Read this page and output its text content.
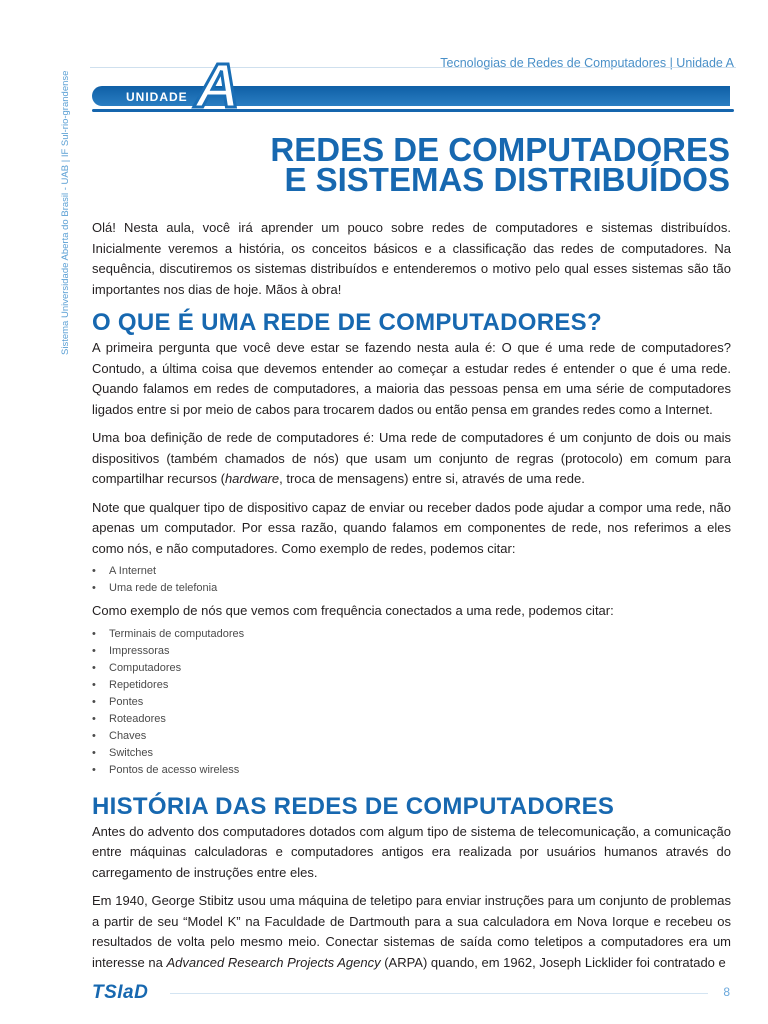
Tecnologias de Redes de Computadores | Unidade A
Sistema Universidade Aberta do Brasil - UAB | IF Sul-rio-grandense	UNIDADE A
REDES DE COMPUTADORES
E SISTEMAS DISTRIBUÍDOS

Olá! Nesta aula, você irá aprender um pouco sobre redes de computadores e sistemas distribuídos. Inicialmente veremos a história, os conceitos básicos e a classificação das redes de computadores. Na sequência, discutiremos os sistemas distribuídos e entenderemos o motivo pelo qual esses sistemas são tão importantes nos dias de hoje. Mãos à obra!

O QUE É UMA REDE DE COMPUTADORES?

A primeira pergunta que você deve estar se fazendo nesta aula é: O que é uma rede de computadores? Contudo, a última coisa que devemos entender ao começar a estudar redes é entender o que é uma rede. Quando falamos em redes de computadores, a maioria das pessoas pensa em uma série de computadores ligados entre si por meio de cabos para trocarem dados ou então pensa em grandes redes como a Internet.

Uma boa definição de rede de computadores é: Uma rede de computadores é um conjunto de dois ou mais dispositivos (também chamados de nós) que usam um conjunto de regras (protocolo) em comum para compartilhar recursos (hardware, troca de mensagens) entre si, através de uma rede.

Note que qualquer tipo de dispositivo capaz de enviar ou receber dados pode ajudar a compor uma rede, não apenas um computador. Por essa razão, quando falamos em componentes de rede, nos referimos a eles como nós, e não computadores. Como exemplo de redes, podemos citar:

• A Internet
• Uma rede de telefonia

Como exemplo de nós que vemos com frequência conectados a uma rede, podemos citar:

• Terminais de computadores
• Impressoras
• Computadores
• Repetidores
• Pontes
• Roteadores
• Chaves
• Switches
• Pontos de acesso wireless
HISTÓRIA DAS REDES DE COMPUTADORES

Antes do advento dos computadores dotados com algum tipo de sistema de telecomunicação, a comunicação entre máquinas calculadoras e computadores antigos era realizada por usuários humanos através do carregamento de instruções entre eles.

Em 1940, George Stibitz usou uma máquina de teletipo para enviar instruções para um conjunto de problemas a partir de seu “Model K” na Faculdade de Dartmouth para a sua calculadora em Nova Iorque e recebeu os resultados de volta pelo mesmo meio. Conectar sistemas de saída como teletipos a computadores era um interesse na Advanced Research Projects Agency (ARPA) quando, em 1962, Joseph Licklider foi contratado e

TSIaD	8
